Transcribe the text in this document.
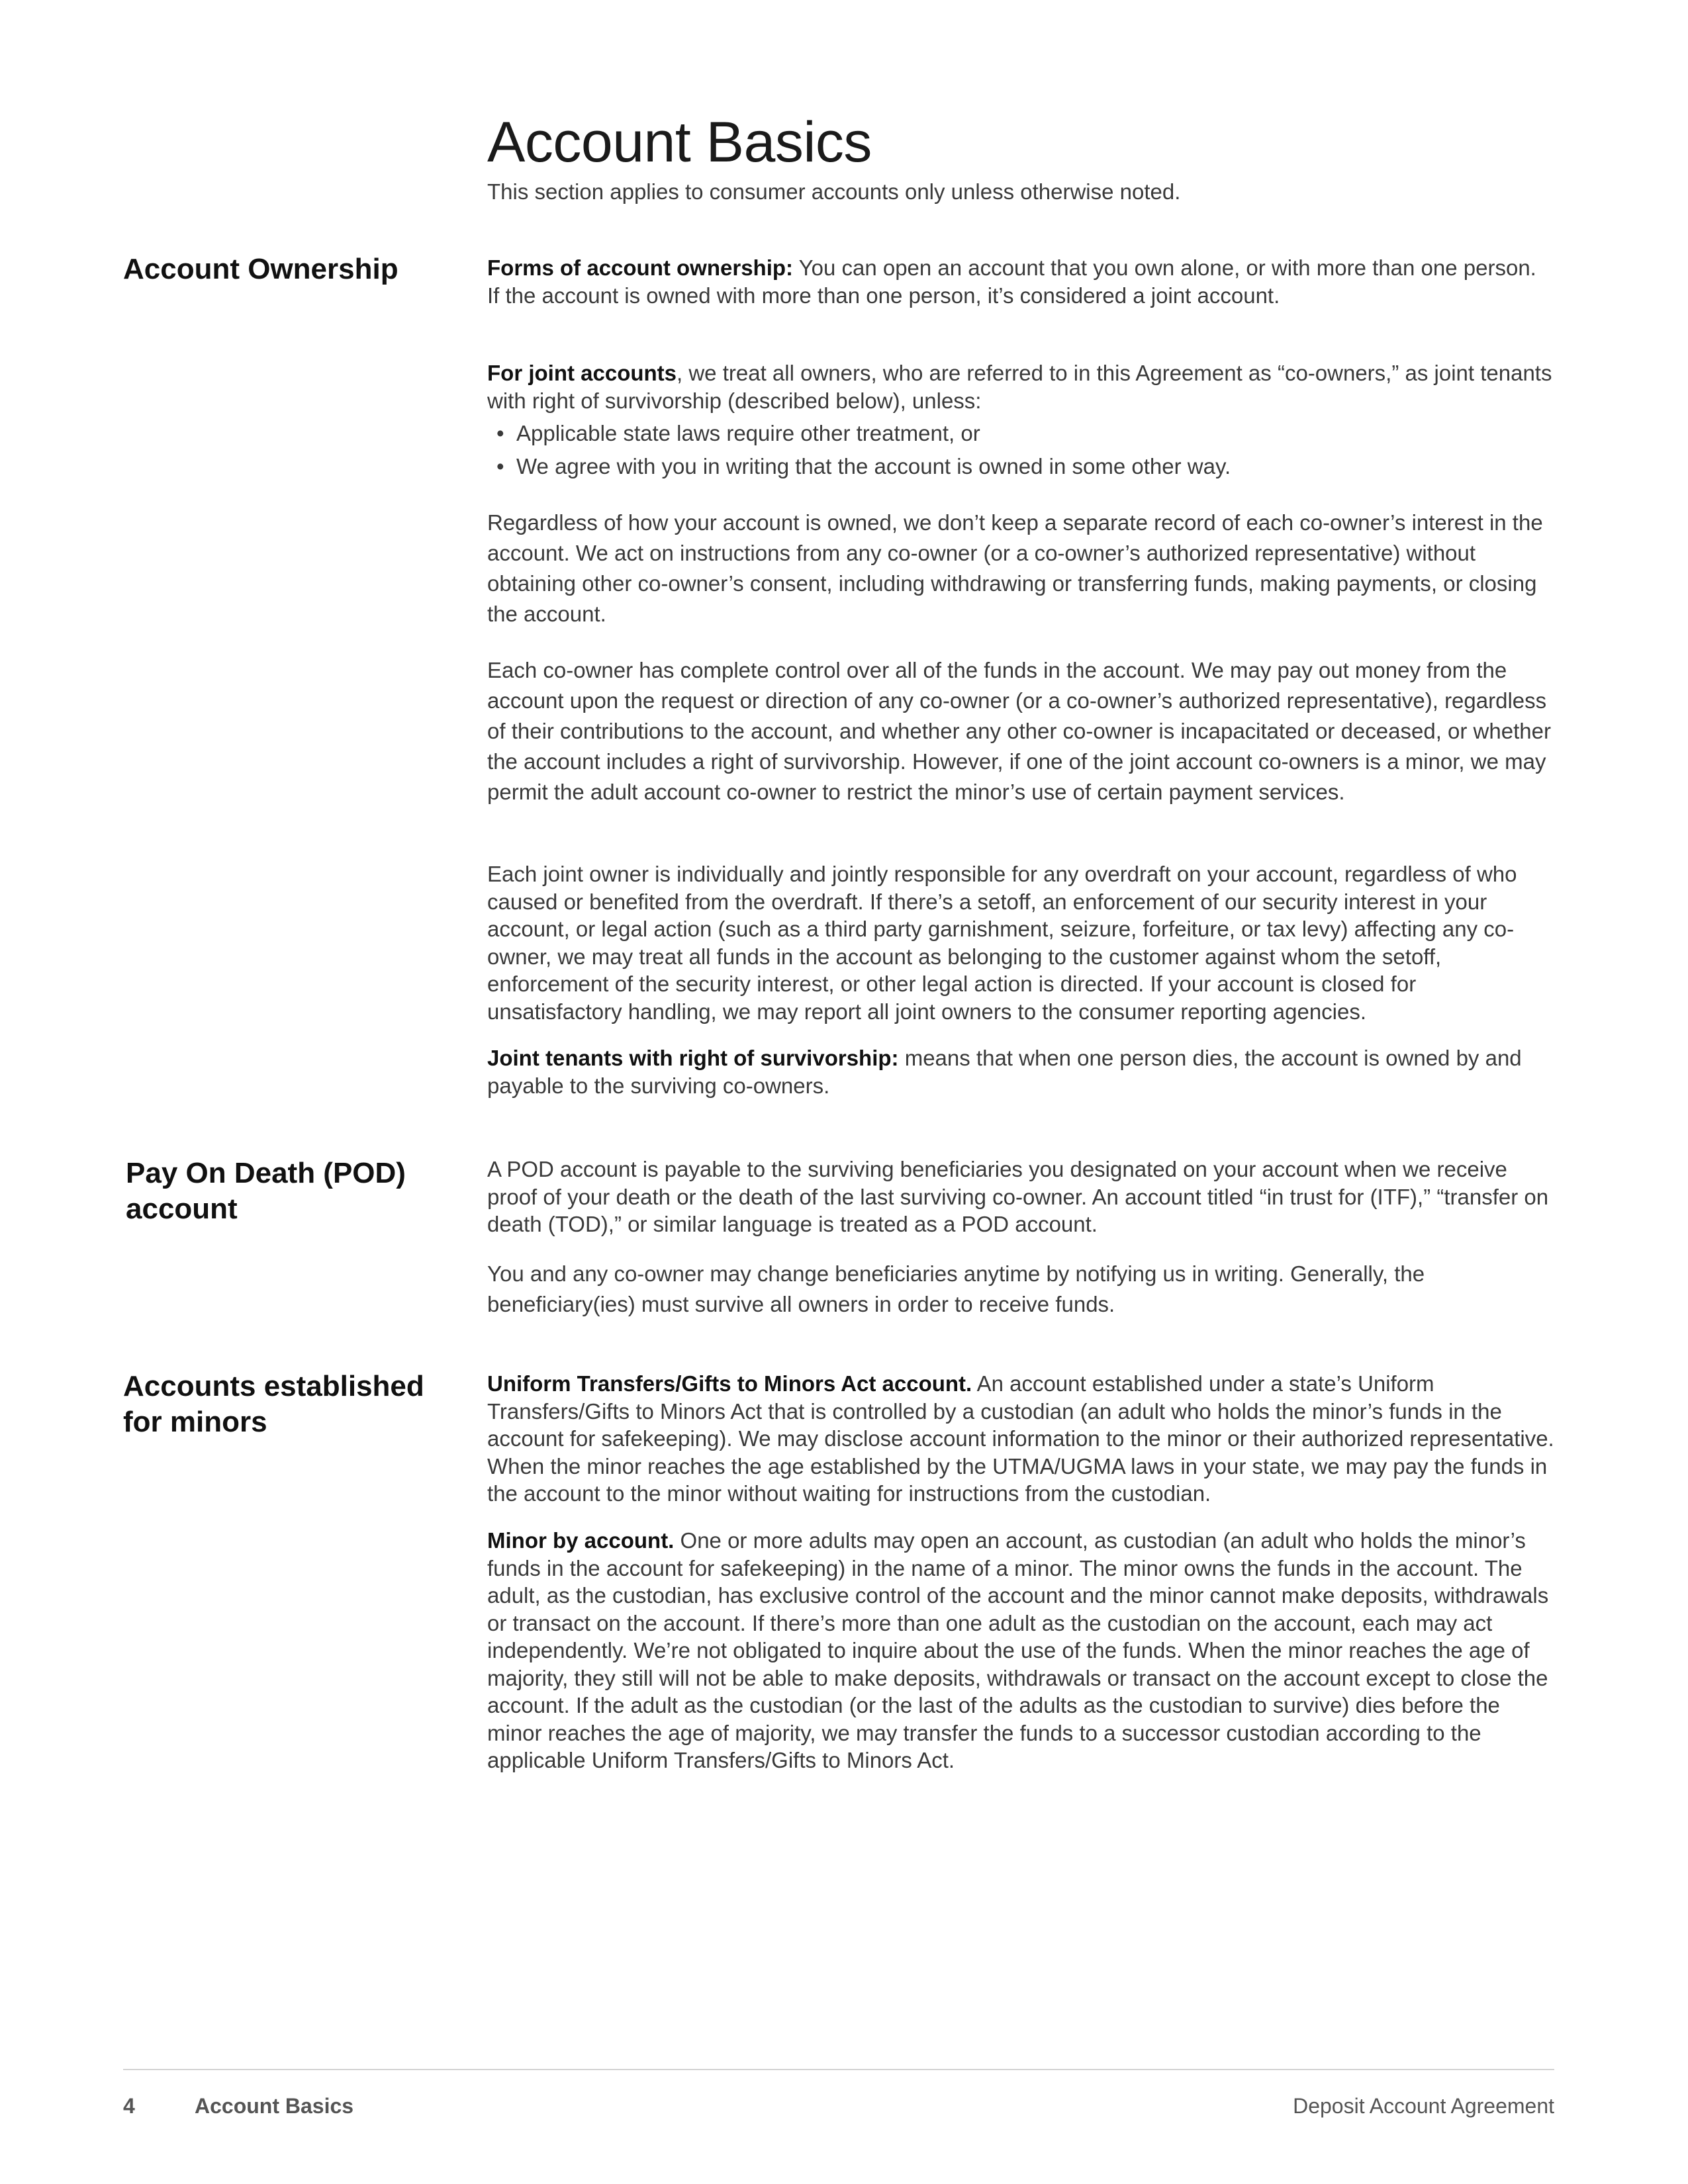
Account Basics

This section applies to consumer accounts only unless otherwise noted.

Account Ownership	Forms of account ownership: You can open an account that you own alone, or with more than one person. If the account is owned with more than one person, it’s considered a joint account.

For joint accounts, we treat all owners, who are referred to in this Agreement as “co-owners,” as joint tenants with right of survivorship (described below), unless:

• Applicable state laws require other treatment, or
• We agree with you in writing that the account is owned in some other way.

Regardless of how your account is owned, we don’t keep a separate record of each co-owner’s interest in the account. We act on instructions from any co-owner (or a co-owner’s authorized representative) without obtaining other co-owner’s consent, including withdrawing or transferring funds, making payments, or closing the account.

Each co-owner has complete control over all of the funds in the account. We may pay out money from the account upon the request or direction of any co-owner (or a co-owner’s authorized representative), regardless of their contributions to the account, and whether any other co-owner is incapacitated or deceased, or whether the account includes a right of survivorship. However, if one of the joint account co-owners is a minor, we may permit the adult account co-owner to restrict the minor’s use of certain payment services.

Each joint owner is individually and jointly responsible for any overdraft on your account, regardless of who caused or benefited from the overdraft. If there’s a setoff, an enforcement of our security interest in your account, or legal action (such as a third party garnishment, seizure, forfeiture, or tax levy) affecting any co-owner, we may treat all funds in the account as belonging to the customer against whom the setoff, enforcement of the security interest, or other legal action is directed. If your account is closed for unsatisfactory handling, we may report all joint owners to the consumer reporting agencies.

Joint tenants with right of survivorship: means that when one person dies, the account is owned by and payable to the surviving co-owners.

Pay On Death (POD)
account

A POD account is payable to the surviving beneficiaries you designated on your account when we receive proof of your death or the death of the last surviving co-owner. An account titled “in trust for (ITF),” “transfer on death (TOD),” or similar language is treated as a POD account.

You and any co-owner may change beneficiaries anytime by notifying us in writing. Generally, the beneficiary(ies) must survive all owners in order to receive funds.

Accounts established
for minors

Uniform Transfers/Gifts to Minors Act account. An account established under a state’s Uniform Transfers/Gifts to Minors Act that is controlled by a custodian (an adult who holds the minor’s funds in the account for safekeeping). We may disclose account information to the minor or their authorized representative. When the minor reaches the age established by the UTMA/UGMA laws in your state, we may pay the funds in the account to the minor without waiting for instructions from the custodian.

Minor by account. One or more adults may open an account, as custodian (an adult who holds the minor’s funds in the account for safekeeping) in the name of a minor. The minor owns the funds in the account. The adult, as the custodian, has exclusive control of the account and the minor cannot make deposits, withdrawals or transact on the account. If there’s more than one adult as the custodian on the account, each may act independently. We’re not obligated to inquire about the use of the funds. When the minor reaches the age of majority, they still will not be able to make deposits, withdrawals or transact on the account except to close the account. If the adult as the custodian (or the last of the adults as the custodian to survive) dies before the minor reaches the age of majority, we may transfer the funds to a successor custodian according to the applicable Uniform Transfers/Gifts to Minors Act.

4	Account Basics	Deposit Account Agreement
